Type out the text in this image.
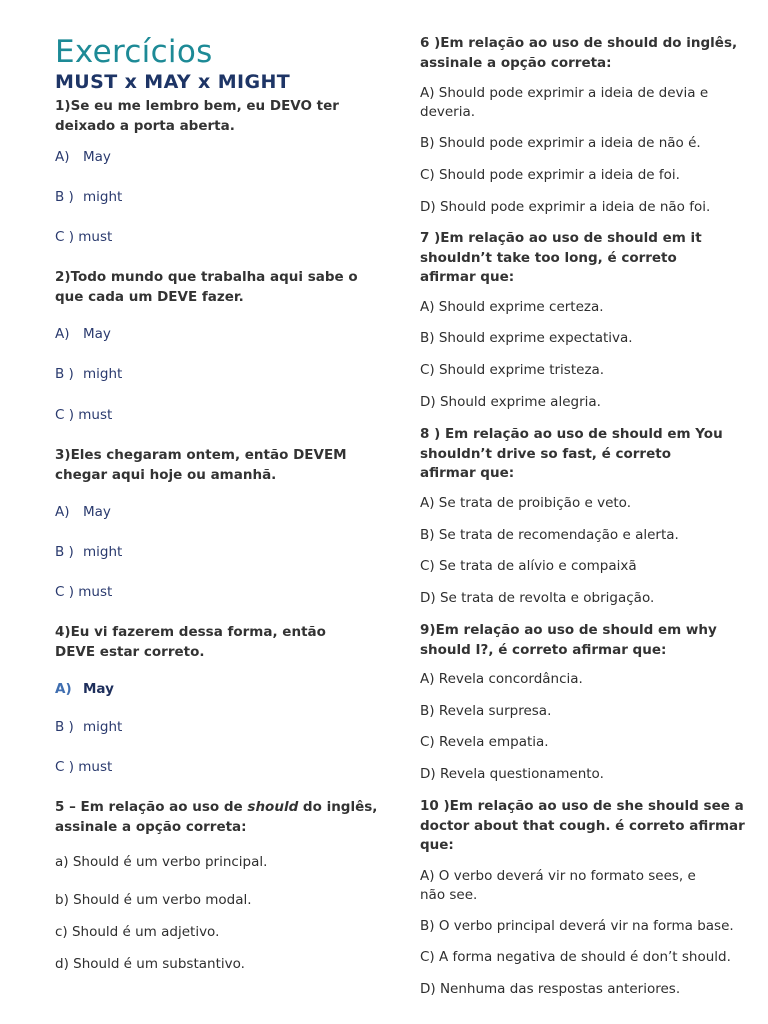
Exercícios
MUST x MAY x MIGHT

1)Se eu me lembro bem, eu DEVO ter deixado a porta aberta.

A) May

B ) might

C ) must

2)Todo mundo que trabalha aqui sabe o que cada um DEVE fazer.

A) May

B ) might

C ) must

3)Eles chegaram ontem, então DEVEM chegar aqui hoje ou amanhã.

A) May

B ) might

C ) must

4)Eu vi fazerem dessa forma, então DEVE estar correto.

A) May

B ) might

C ) must

5 – Em relação ao uso de should do inglês, assinale a opção correta:

a) Should é um verbo principal.

b) Should é um verbo modal.

c) Should é um adjetivo.

d) Should é um substantivo.

6 )Em relação ao uso de should do inglês, assinale a opção correta:

A) Should pode exprimir a ideia de devia e deveria.

B) Should pode exprimir a ideia de não é.

C) Should pode exprimir a ideia de foi.

D) Should pode exprimir a ideia de não foi.

7 )Em relação ao uso de should em it shouldn’t take too long, é correto afirmar que:

A) Should exprime certeza.

B) Should exprime expectativa.

C) Should exprime tristeza.

D) Should exprime alegria.

8 ) Em relação ao uso de should em You shouldn’t drive so fast, é correto afirmar que:

A) Se trata de proibição e veto.

B) Se trata de recomendação e alerta.

C) Se trata de alívio e compaixã

D) Se trata de revolta e obrigação.

9)Em relação ao uso de should em why should I?, é correto afirmar que:

A) Revela concordância.

B) Revela surpresa.

C) Revela empatia.

D) Revela questionamento.

10 )Em relação ao uso de she should see a doctor about that cough. é correto afirmar que:

A) O verbo deverá vir no formato sees, e não see.

B) O verbo principal deverá vir na forma base.

C) A forma negativa de should é don’t should.

D) Nenhuma das respostas anteriores.
